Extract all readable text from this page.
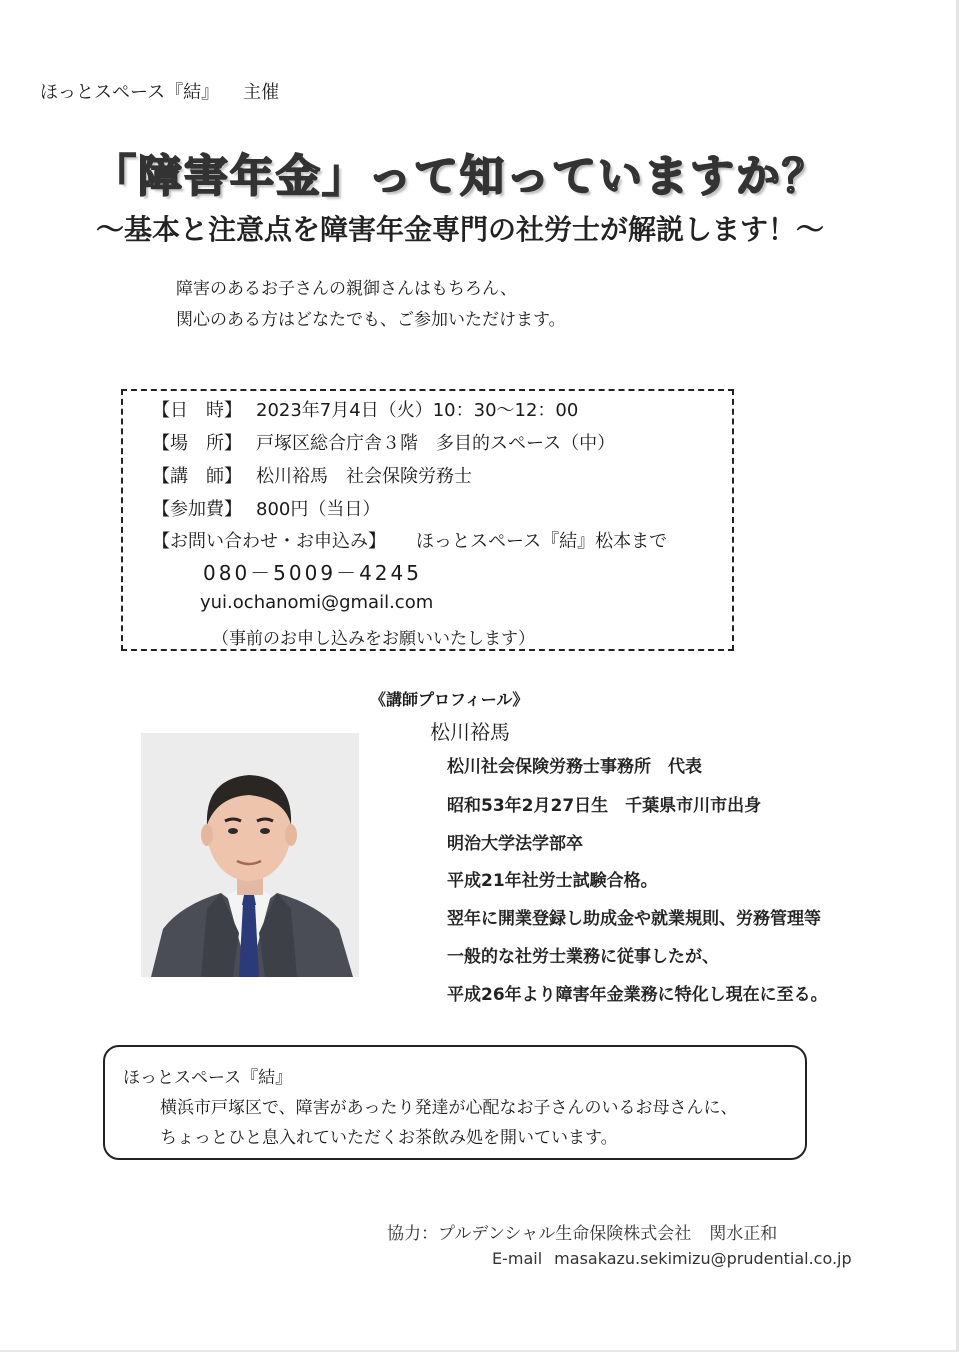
ほっとスペース『結』 主催
「障害年金」って知っていますか？
～基本と注意点を障害年金専門の社労士が解説します！～
障害のあるお子さんの親御さんはもちろん、
関心のある方はどなたでも、ご参加いただけます。
【日　時】 2023年7月4日（火）10：30～12：00
【場　所】 戸塚区総合庁舎３階　多目的スペース（中）
【講　師】 松川裕馬　社会保険労務士
【参加費】 800円（当日）
【お問い合わせ・お申込み】 ほっとスペース『結』松本まで
080－5009－4245
yui.ochanomi@gmail.com
（事前のお申し込みをお願いいたします）
《講師プロフィール》
松川裕馬
松川社会保険労務士事務所　代表
昭和53年2月27日生　千葉県市川市出身
明治大学法学部卒
平成21年社労士試験合格。
翌年に開業登録し助成金や就業規則、労務管理等
一般的な社労士業務に従事したが、
平成26年より障害年金業務に特化し現在に至る。
ほっとスペース『結』
横浜市戸塚区で、障害があったり発達が心配なお子さんのいるお母さんに、
ちょっとひと息入れていただくお茶飲み処を開いています。
協力：プルデンシャル生命保険株式会社 関水正和
E-mail masakazu.sekimizu@prudential.co.jp
